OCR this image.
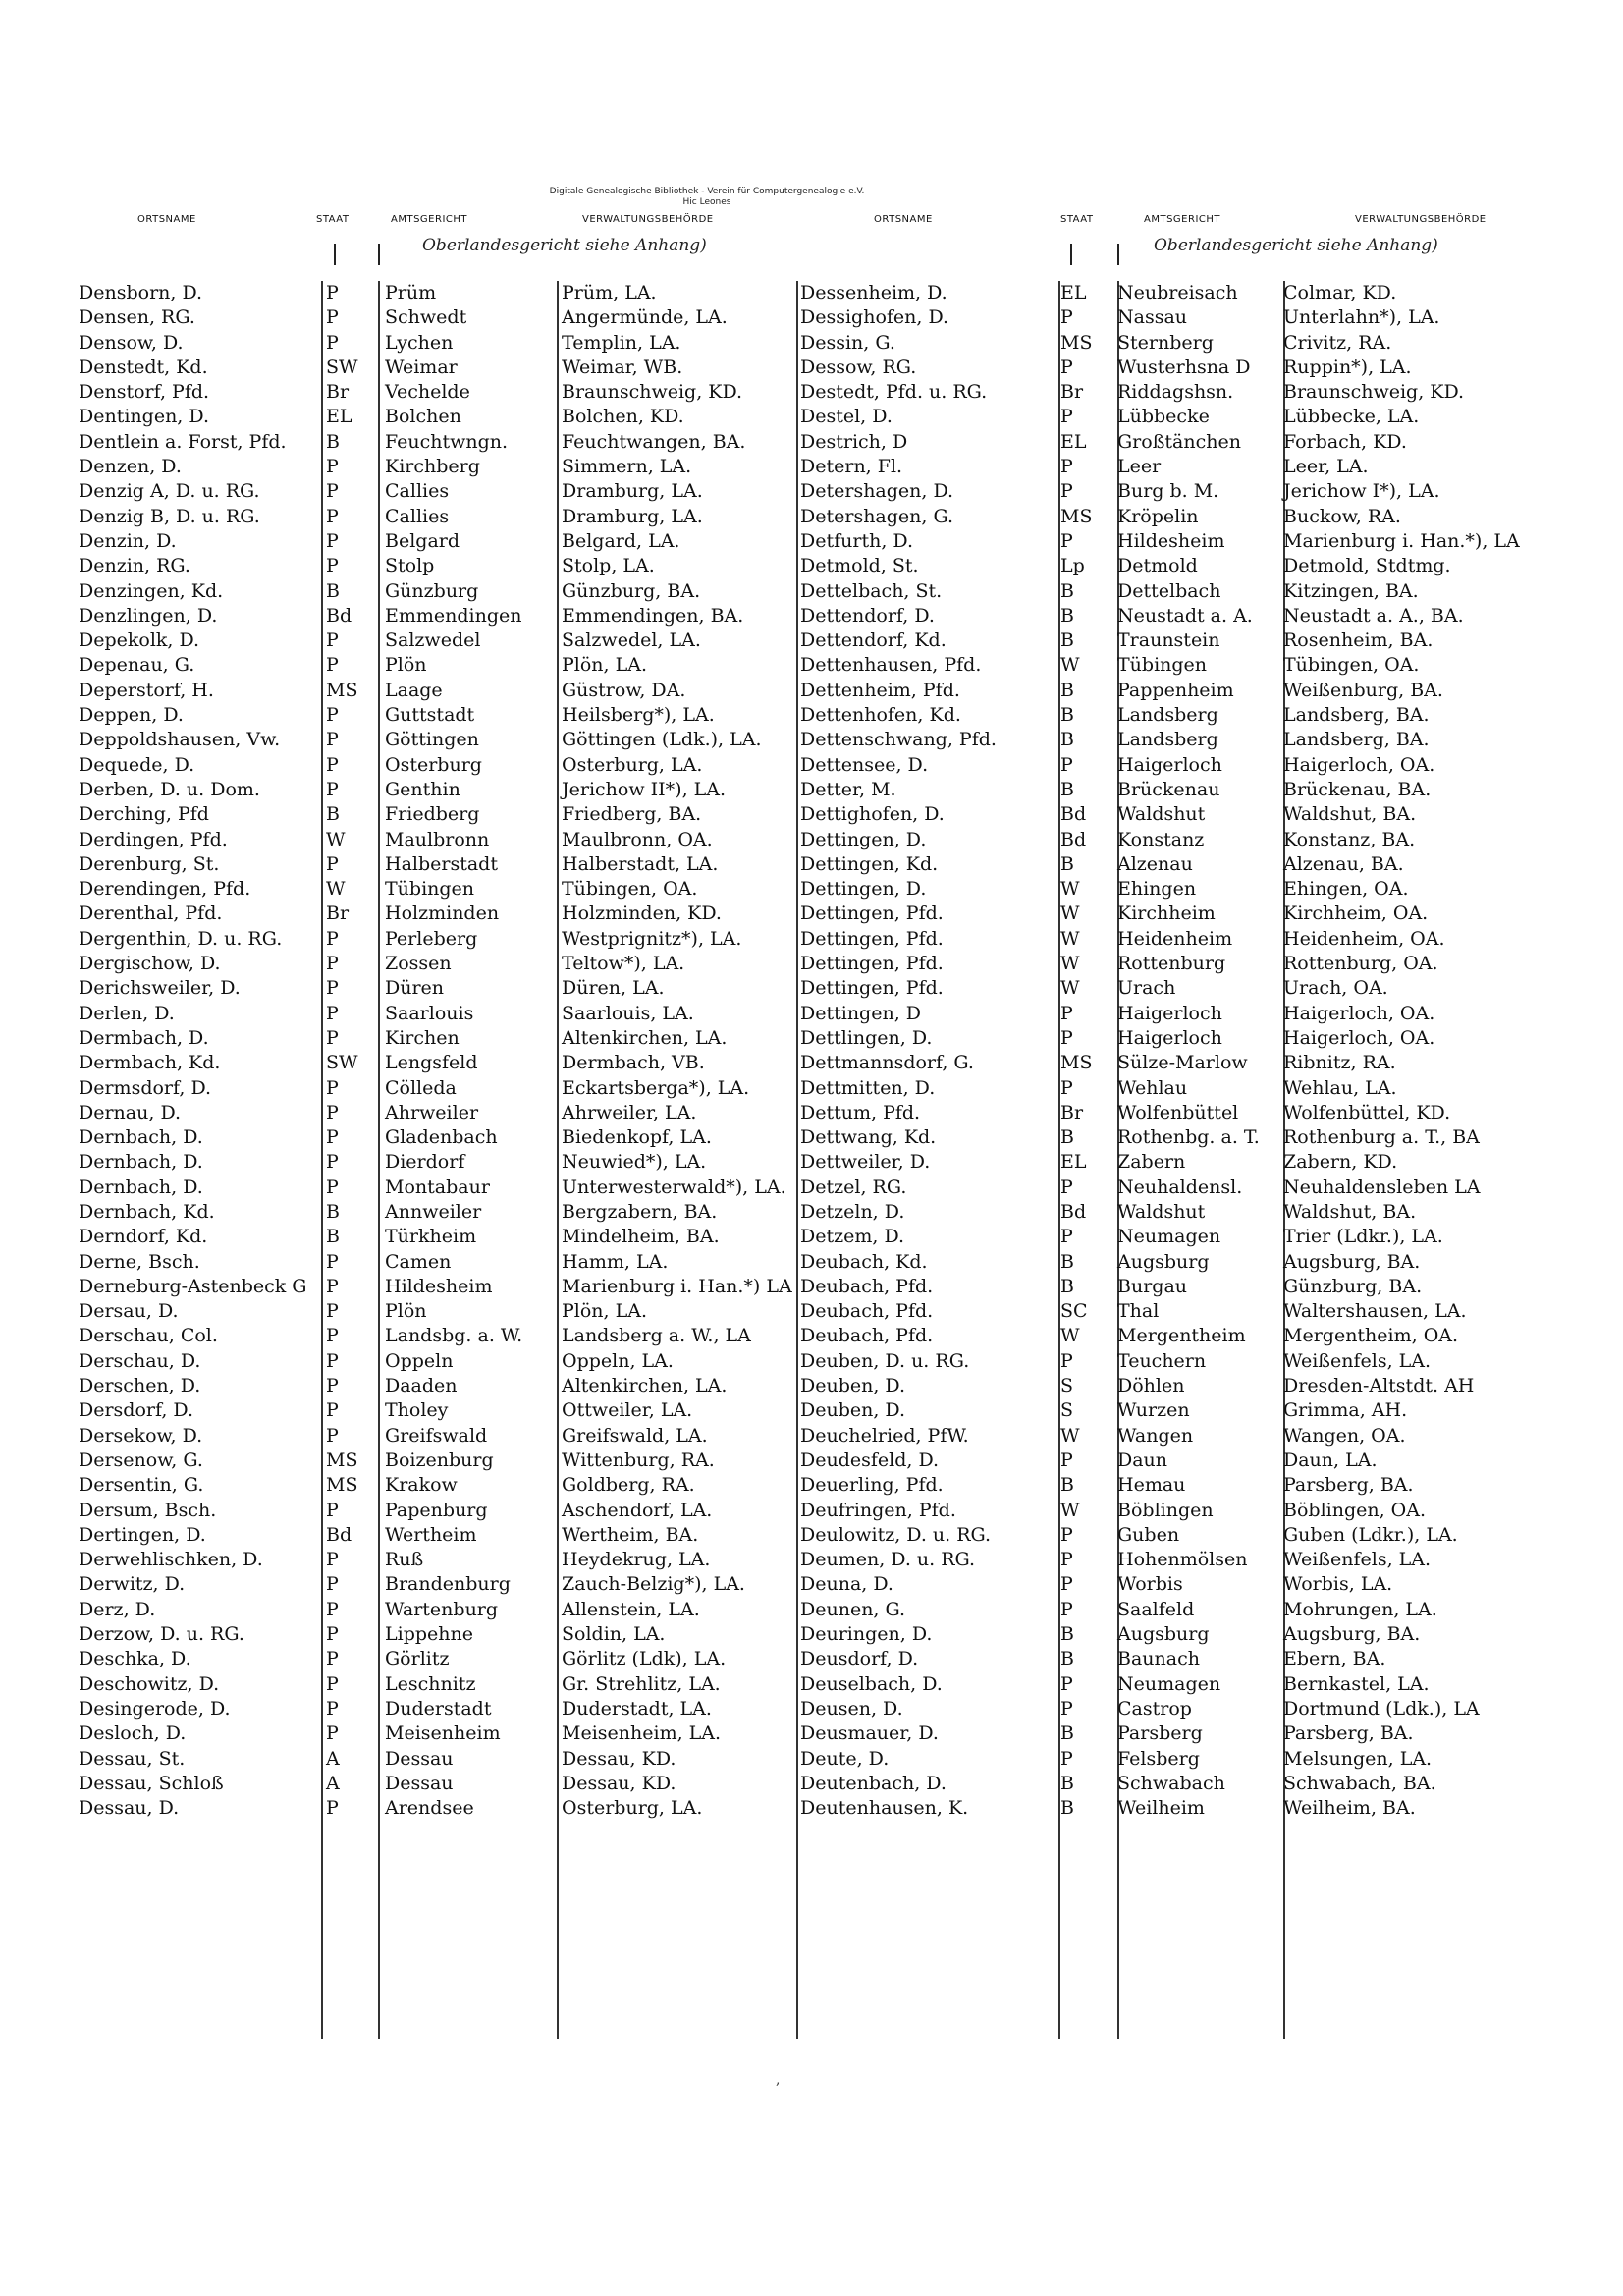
Digitale Genealogische Bibliothek - Verein für Computergenealogie e.V.
Hic Leones
ORTSNAME	STAAT	AMTSGERICHT	VERWALTUNGSBEHÖRDE	ORTSNAME	STAAT	AMTSGERICHT	VERWALTUNGSBEHÖRDE
Oberlandesgericht siehe Anhang)	Oberlandesgericht siehe Anhang)
Densborn, D.	P Prüm	Prüm, LA.
Densen, RG.	P Schwedt	Angermünde, LA.
Densow, D.	P Lychen	Templin, LA.
Denstedt, Kd.	SW Weimar	Weimar, WB.
Denstorf, Pfd.	Br Vechelde	Braunschweig, KD.
Dentingen, D.	EL Bolchen	Bolchen, KD.
Dentlein a. Forst, Pfd. B Feuchtwngn.	Feuchtwangen, BA.
Denzen, D.	P Kirchberg	Simmern, LA.
Denzig A, D. u. RG.	P Callies	Dramburg, LA.
Denzig B, D. u. RG.	P Callies	Dramburg, LA.
Denzin, D.	P Belgard	Belgard, LA.
Denzin, RG.	P Stolp	Stolp, LA.
Denzingen, Kd.	B Günzburg	Günzburg, BA.
Denzlingen, D.	Bd Emmendingen Emmendingen, BA.
Depekolk, D.	P Salzwedel	Salzwedel, LA.
Depenau, G.	P Plön	Plön, LA.
Deperstorf, H.	MS Laage	Güstrow, DA.
Deppen, D.	P Guttstadt	Heilsberg*), LA.
Deppoldshausen, Vw. P Göttingen	Göttingen (Ldk.), LA.
Dequede, D.	P Osterburg	Osterburg, LA.
Derben, D. u. Dom.	P Genthin	Jerichow II*), LA.
Derching, Pfd	B Friedberg	Friedberg, BA.
Derdingen, Pfd.	W Maulbronn	Maulbronn, OA.
Derenburg, St.	P Halberstadt	Halberstadt, LA.
Derendingen, Pfd.	W Tübingen	Tübingen, OA.
Derenthal, Pfd.	Br Holzminden	Holzminden, KD.
Dergenthin, D. u. RG. P Perleberg	Westprignitz*), LA.
Dergischow, D.	P Zossen	Teltow*), LA.
Derichsweiler, D.	P Düren	Düren, LA.
Derlen, D.	P Saarlouis	Saarlouis, LA.
Dermbach, D.	P Kirchen	Altenkirchen, LA.
Dermbach, Kd.	SW Lengsfeld	Dermbach, VB.
Dermsdorf, D.	P Cölleda	Eckartsberga*), LA.
Dernau, D.	P Ahrweiler	Ahrweiler, LA.
Dernbach, D.	P Gladenbach	Biedenkopf, LA.
Dernbach, D.	P Dierdorf	Neuwied*), LA.
Dernbach, D.	P Montabaur	Unterwesterwald*), LA.
Dernbach, Kd.	B Annweiler	Bergzabern, BA.
Derndorf, Kd.	B Türkheim	Mindelheim, BA.
Derne, Bsch.	P Camen	Hamm, LA.
Derneburg-Astenbeck G P Hildesheim	Marienburg i. Han.*) LA
Dersau, D.	P Plön	Plön, LA.
Derschau, Col.	P Landsbg. a. W. Landsberg a. W., LA
Derschau, D.	P Oppeln	Oppeln, LA.
Derschen, D.	P Daaden	Altenkirchen, LA.
Dersdorf, D.	P Tholey	Ottweiler, LA.
Dersekow, D.	P Greifswald	Greifswald, LA.
Dersenow, G.	MS Boizenburg	Wittenburg, RA.
Dersentin, G.	MS Krakow	Goldberg, RA.
Dersum, Bsch.	P Papenburg	Aschendorf, LA.
Dertingen, D.	Bd Wertheim	Wertheim, BA.
Derwehlischken, D.	P Ruß	Heydekrug, LA.
Derwitz, D.	P Brandenburg	Zauch-Belzig*), LA.
Derz, D.	P Wartenburg	Allenstein, LA.
Derzow, D. u. RG.	P Lippehne	Soldin, LA.
Deschka, D.	P Görlitz	Görlitz (Ldk), LA.
Deschowitz, D.	P Leschnitz	Gr. Strehlitz, LA.
Desingerode, D.	P Duderstadt	Duderstadt, LA.
Desloch, D.	P Meisenheim	Meisenheim, LA.
Dessau, St.	A Dessau	Dessau, KD.
Dessau, Schloß	A Dessau	Dessau, KD.
Dessau, D.	P Arendsee	Osterburg, LA.
Dessenheim, D.	EL Neubreisach Colmar, KD.
Dessighofen, D.	P Nassau	Unterlahn*), LA.
Dessin, G.	MS Sternberg	Crivitz, RA.
Dessow, RG.	P Wusterhsna D Ruppin*), LA.
Destedt, Pfd. u. RG.	Br Riddagshsn.	Braunschweig, KD.
Destel, D.	P Lübbecke	Lübbecke, LA.
Destrich, D	EL Großtänchen Forbach, KD.
Detern, Fl.	P Leer	Leer, LA.
Detershagen, D.	P Burg b. M.	Jerichow I*), LA.
Detershagen, G.	MS Kröpelin	Buckow, RA.
Detfurth, D.	P Hildesheim	Marienburg i. Han.*), LA
Detmold, St.	Lp Detmold	Detmold, Stdtmg.
Dettelbach, St.	B Dettelbach	Kitzingen, BA.
Dettendorf, D.	B Neustadt a. A. Neustadt a. A., BA.
Dettendorf, Kd.	B Traunstein	Rosenheim, BA.
Dettenhausen, Pfd.	W Tübingen	Tübingen, OA.
Dettenheim, Pfd.	B Pappenheim	Weißenburg, BA.
Dettenhofen, Kd.	B Landsberg	Landsberg, BA.
Dettenschwang, Pfd.	B Landsberg	Landsberg, BA.
Dettensee, D.	P Haigerloch	Haigerloch, OA.
Detter, M.	B Brückenau	Brückenau, BA.
Dettighofen, D.	Bd Waldshut	Waldshut, BA.
Dettingen, D.	Bd Konstanz	Konstanz, BA.
Dettingen, Kd.	B Alzenau	Alzenau, BA.
Dettingen, D.	W Ehingen	Ehingen, OA.
Dettingen, Pfd.	W Kirchheim	Kirchheim, OA.
Dettingen, Pfd.	W Heidenheim	Heidenheim, OA.
Dettingen, Pfd.	W Rottenburg	Rottenburg, OA.
Dettingen, Pfd.	W Urach	Urach, OA.
Dettingen, D	P Haigerloch	Haigerloch, OA.
Dettlingen, D.	P Haigerloch	Haigerloch, OA.
Dettmannsdorf, G.	MS Sülze-Marlow Ribnitz, RA.
Dettmitten, D.	P Wehlau	Wehlau, LA.
Dettum, Pfd.	Br Wolfenbüttel Wolfenbüttel, KD.
Dettwang, Kd.	B Rothenbg. a. T. Rothenburg a. T., BA
Dettweiler, D.	EL Zabern	Zabern, KD.
Detzel, RG.	P Neuhaldensl. Neuhaldensleben LA
Detzeln, D.	Bd Waldshut	Waldshut, BA.
Detzem, D.	P Neumagen	Trier (Ldkr.), LA.
Deubach, Kd.	B Augsburg	Augsburg, BA.
Deubach, Pfd.	B Burgau	Günzburg, BA.
Deubach, Pfd.	SC Thal	Waltershausen, LA.
Deubach, Pfd.	W Mergentheim Mergentheim, OA.
Deuben, D. u. RG.	P Teuchern	Weißenfels, LA.
Deuben, D.	S Döhlen	Dresden-Altstdt. AH
Deuben, D.	S Wurzen	Grimma, AH.
Deuchelried, PfW.	W Wangen	Wangen, OA.
Deudesfeld, D.	P Daun	Daun, LA.
Deuerling, Pfd.	B Hemau	Parsberg, BA.
Deufringen, Pfd.	W Böblingen	Böblingen, OA.
Deulowitz, D. u. RG.	P Guben	Guben (Ldkr.), LA.
Deumen, D. u. RG.	P Hohenmölsen Weißenfels, LA.
Deuna, D.	P Worbis	Worbis, LA.
Deunen, G.	P Saalfeld	Mohrungen, LA.
Deuringen, D.	B Augsburg	Augsburg, BA.
Deusdorf, D.	B Baunach	Ebern, BA.
Deuselbach, D.	P Neumagen	Bernkastel, LA.
Deusen, D.	P Castrop	Dortmund (Ldk.), LA
Deusmauer, D.	B Parsberg	Parsberg, BA.
Deute, D.	P Felsberg	Melsungen, LA.
Deutenbach, D.	B Schwabach	Schwabach, BA.
Deutenhausen, K.	B Weilheim	Weilheim, BA.
,
